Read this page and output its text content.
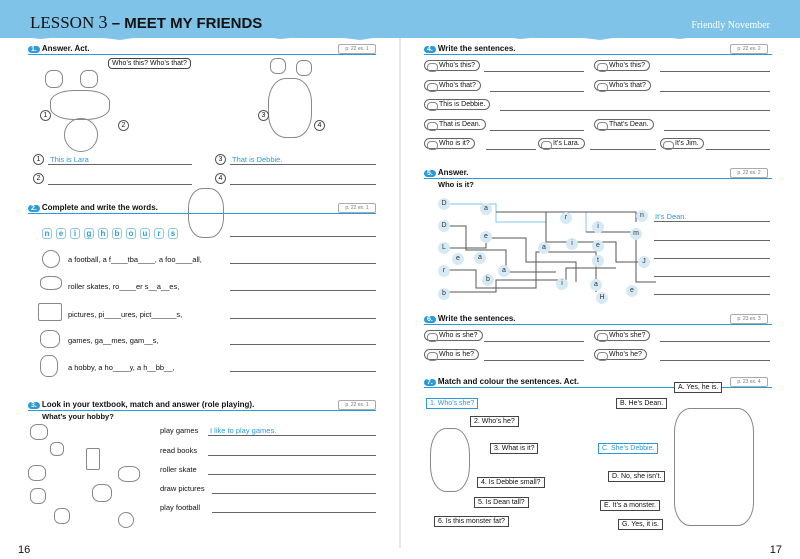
LESSON 3 – MEET MY FRIENDS	Friendly November
16	17
1. Answer. Act.	p. 22 ex. 1
Who’s this? Who’s that?
1
2
3
4
1	This is Lara	3	That is Debbie.
2	4
2. Complete and write the words.	p. 22 ex. 1
n	e	i	g	h	b	o	u	r	s
a football, a f____tba____, a foo____all,
roller skates, ro____er s__a__es,
pictures, pi____ures, pict______s,
games, ga__mes, gam__s,
a hobby, a ho____y, a h__bb__,
3. Look in your textbook, match and answer (role playing).	p. 22 ex. 1
What’s your hobby?
play games I like to play games.
read books
roller skate
draw pictures
play football
4. Write the sentences.	p. 22 ex. 2
Who’s this?	Who’s this?
Who’s that?	Who’s that?
This is Debbie.
That is Dean.	That’s Dean.
Who is it?	It’s Lara.	It’s Jim.
5. Answer.	p. 22 ex. 2
Who is it?
D
a
D
r
i
n
e	m
L	a
e
i	e
a	t	J
r	a
b
i	a
e
H
b
It’s Dean.
6. Write the sentences.	p. 23 ex. 3
Who is she?	Who’s she?
Who is he?	Who’s he?
7. Match and colour the sentences. Act.	p. 23 ex. 4
1. Who’s she?
2. Who’s he?
3. What is it?
4. Is Debbie small?
5. Is Dean tall?
6. Is this monster fat?
A. Yes, he is.
B. He’s Dean.
C. She’s Debbie.
D. No, she isn’t.
E. It’s a monster.
G. Yes, it is.
